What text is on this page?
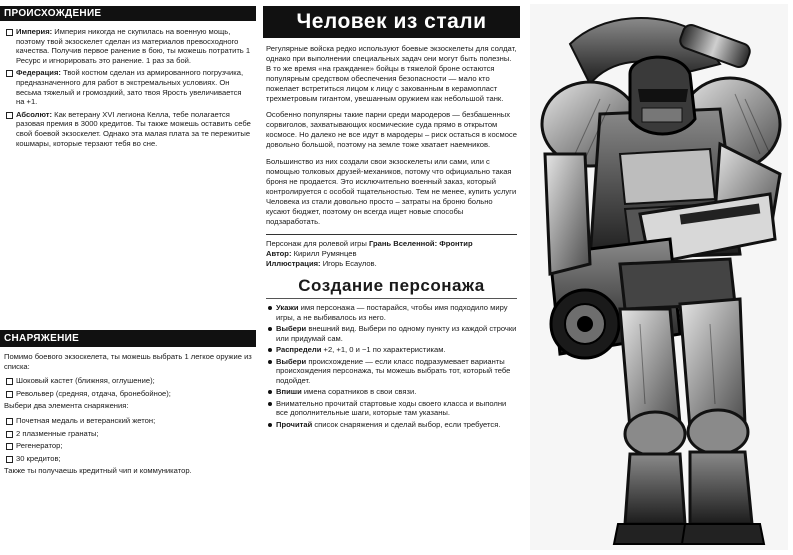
ПРОИСХОЖДЕНИЕ
Империя: Империя никогда не скупилась на военную мощь, поэтому твой экзоскелет сделан из материалов превосходного качества. Получив первое ранение в бою, ты можешь потратить 1 Ресурс и игнорировать это ранение. 1 раз за бой.
Федерация: Твой костюм сделан из армированного погрузчика, предназначенного для работ в экстремальных условиях. Он весьма тяжелый и громоздкий, зато твоя Ярость увеличивается на +1.
Абсолют: Как ветерану XVI легиона Келла, тебе полагается разовая премия в 3000 кредитов. Ты также можешь оставить себе свой боевой экзоскелет. Однако эта малая плата за те пережитые кошмары, которые терзают тебя во сне.
СНАРЯЖЕНИЕ
Помимо боевого экзоскелета, ты можешь выбрать 1 легкое оружие из списка:
Шоковый кастет (ближняя, оглушение);
Револьвер (средняя, отдача, бронебойное);
Выбери два элемента снаряжения:
Почетная медаль и ветеранский жетон;
2 плазменные гранаты;
Регенератор;
30 кредитов;
Также ты получаешь кредитный чип и коммуникатор.
Человек из стали

Регулярные войска редко используют боевые экзоскелеты для солдат, однако при выполнении специальных задач они могут быть полезны. В то же время «на гражданке» бойцы в тяжелой броне остаются популярным средством обеспечения безопасности — мало кто пожелает встретиться лицом к лицу с закованным в керамопласт трехметровым гигантом, увешанным оружием как небольшой танк.

Особенно популярны такие парни среди мародеров — безбашенных сорвиголов, захватывающих космические суда прямо в открытом космосе. Но далеко не все идут в мародеры – риск остаться в космосе довольно большой, поэтому на земле тоже хватает наемников.

Большинство из них создали свои экзоскелеты или сами, или с помощью толковых друзей-механиков, потому что официально такая броня не продается. Это исключительно военный заказ, который контролируется с особой тщательностью. Тем не менее, купить услуги Человека из стали довольно просто – затраты на броню больно кусают бюджет, поэтому он всегда ищет новые способы подзаработать.

Персонаж для ролевой игры Грань Вселенной: Фронтир
Автор: Кирилл Румянцев
Иллюстрация: Игорь Есаулов.
Создание персонажа
Укажи имя персонажа — постарайся, чтобы имя подходило миру игры, а не выбивалось из него.
Выбери внешний вид. Выбери по одному пункту из каждой строчки или придумай сам.
Распредели +2, +1, 0 и −1 по характеристикам.
Выбери происхождение — если класс подразумевает варианты происхождения персонажа, ты можешь выбрать тот, который тебе подойдет.
Впиши имена соратников в свои связи.
Внимательно прочитай стартовые ходы своего класса и выполни все дополнительные шаги, которые там указаны.
Прочитай список снаряжения и сделай выбор, если требуется.
